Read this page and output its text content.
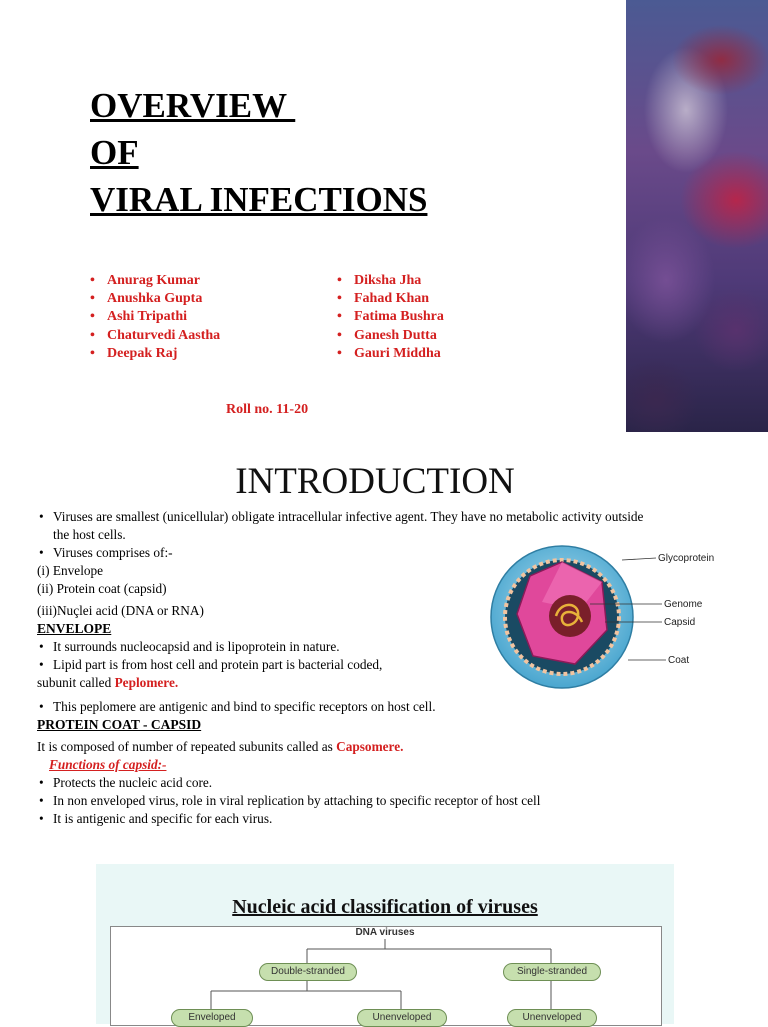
OVERVIEW
OF
VIRAL INFECTIONS
• Anurag Kumar
• Anushka Gupta
• Ashi Tripathi
• Chaturvedi Aastha
• Deepak Raj
• Diksha Jha
• Fahad Khan
• Fatima Bushra
• Ganesh Dutta
• Gauri Middha
Roll no. 11-20
INTRODUCTION
• Viruses are smallest (unicellular) obligate intracellular infective agent. They have no metabolic activity outside
the host cells.
• Viruses comprises of:-
(i) Envelope
(ii) Protein coat (capsid)
(iii)Nuçlei acid (DNA or RNA)
ENVELOPE
• It surrounds nucleocapsid and is lipoprotein in nature.
• Lipid part is from host cell and protein part is bacterial coded,
subunit called Peplomere.
• This peplomere are antigenic and bind to specific receptors on host cell.
PROTEIN COAT - CAPSID
It is composed of number of repeated subunits called as Capsomere.
Functions of capsid:-
• Protects the nucleic acid core.
• In non enveloped virus, role in viral replication by attaching to specific receptor of host cell
• It is antigenic and specific for each virus.
Glycoprotein
Genome
Capsid
Coat
Nucleic acid classification of viruses
DNA viruses
Double-stranded	Single-stranded
Enveloped	Unenveloped	Unenveloped
